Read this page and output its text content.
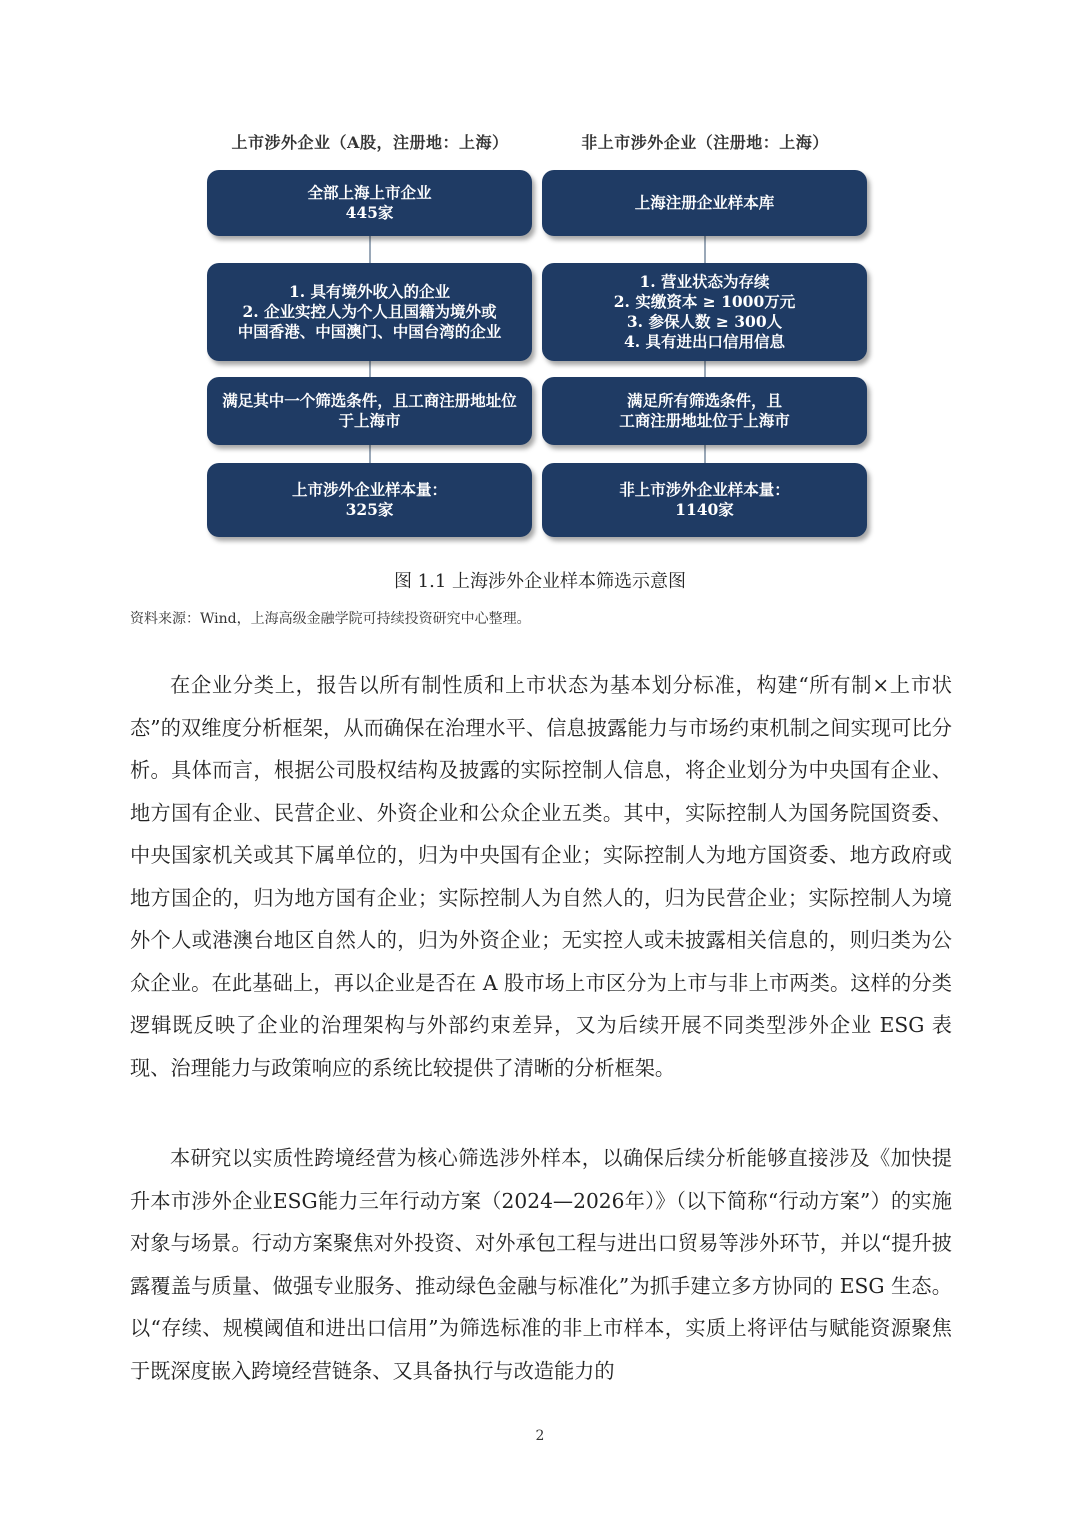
上市涉外企业（A股，注册地：上海）
全部上海上市企业
445家
1. 具有境外收入的企业
2. 企业实控人为个人且国籍为境外或
中国香港、中国澳门、中国台湾的企业
满足其中一个筛选条件，且工商注册地址位
于上海市
上市涉外企业样本量：
325家
非上市涉外企业（注册地：上海）
上海注册企业样本库
1. 营业状态为存续
2. 实缴资本 ≥ 1000万元
3. 参保人数 ≥ 300人
4. 具有进出口信用信息
满足所有筛选条件，且
工商注册地址位于上海市
非上市涉外企业样本量：
1140家
图 1.1 上海涉外企业样本筛选示意图
资料来源：Wind，上海高级金融学院可持续投资研究中心整理。

在企业分类上，报告以所有制性质和上市状态为基本划分标准，构建“所有制×上市状态”的双维度分析框架，从而确保在治理水平、信息披露能力与市场约束机制之间实现可比分析。具体而言，根据公司股权结构及披露的实际控制人信息，将企业划分为中央国有企业、地方国有企业、民营企业、外资企业和公众企业五类。其中，实际控制人为国务院国资委、中央国家机关或其下属单位的，归为中央国有企业；实际控制人为地方国资委、地方政府或地方国企的，归为地方国有企业；实际控制人为自然人的，归为民营企业；实际控制人为境外个人或港澳台地区自然人的，归为外资企业；无实控人或未披露相关信息的，则归类为公众企业。在此基础上，再以企业是否在 A 股市场上市区分为上市与非上市两类。这样的分类逻辑既反映了企业的治理架构与外部约束差异，又为后续开展不同类型涉外企业 ESG 表现、治理能力与政策响应的系统比较提供了清晰的分析框架。

本研究以实质性跨境经营为核心筛选涉外样本，以确保后续分析能够直接涉及《加快提升本市涉外企业ESG能力三年行动方案（2024—2026年）》（以下简称“行动方案”）的实施对象与场景。行动方案聚焦对外投资、对外承包工程与进出口贸易等涉外环节，并以“提升披露覆盖与质量、做强专业服务、推动绿色金融与标准化”为抓手建立多方协同的 ESG 生态。以“存续、规模阈值和进出口信用”为筛选标准的非上市样本，实质上将评估与赋能资源聚焦于既深度嵌入跨境经营链条、又具备执行与改造能力的

2
